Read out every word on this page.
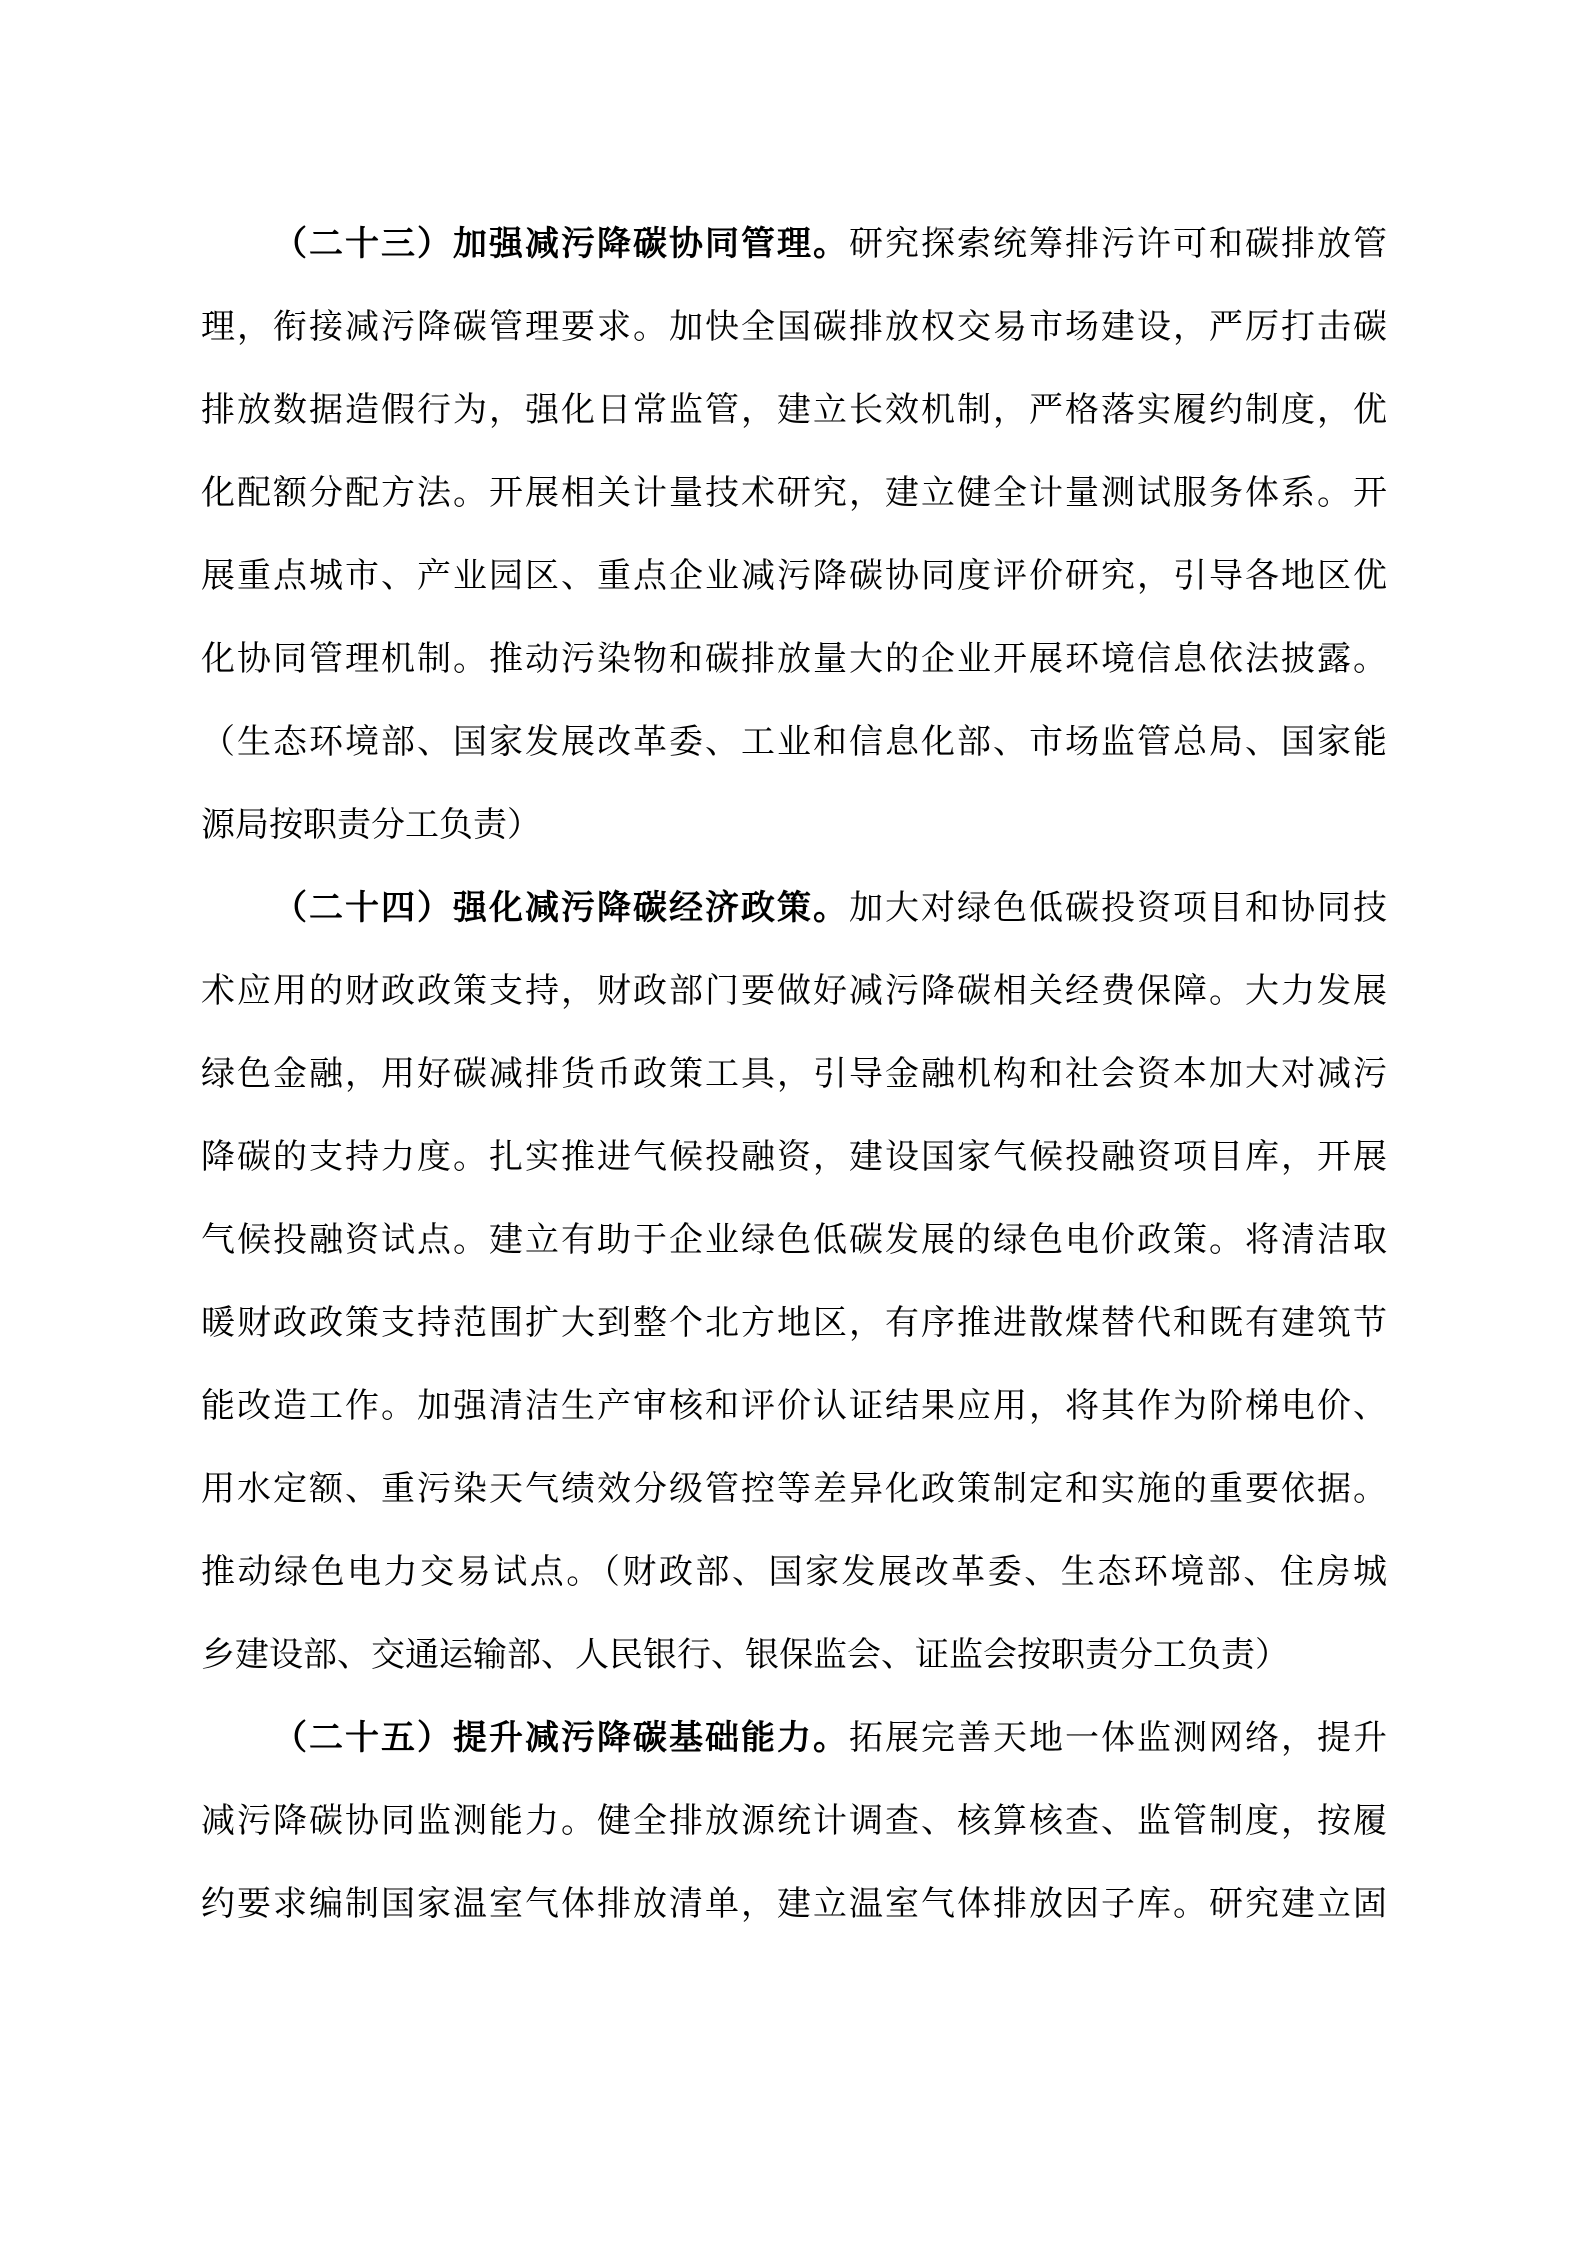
（二十三）加强减污降碳协同管理。研究探索统筹排污许可和碳排放管
理，衔接减污降碳管理要求。加快全国碳排放权交易市场建设，严厉打击碳
排放数据造假行为，强化日常监管，建立长效机制，严格落实履约制度，优
化配额分配方法。开展相关计量技术研究，建立健全计量测试服务体系。开
展重点城市、产业园区、重点企业减污降碳协同度评价研究，引导各地区优
化协同管理机制。推动污染物和碳排放量大的企业开展环境信息依法披露。
（生态环境部、国家发展改革委、工业和信息化部、市场监管总局、国家能
源局按职责分工负责）
（二十四）强化减污降碳经济政策。加大对绿色低碳投资项目和协同技
术应用的财政政策支持，财政部门要做好减污降碳相关经费保障。大力发展
绿色金融，用好碳减排货币政策工具，引导金融机构和社会资本加大对减污
降碳的支持力度。扎实推进气候投融资，建设国家气候投融资项目库，开展
气候投融资试点。建立有助于企业绿色低碳发展的绿色电价政策。将清洁取
暖财政政策支持范围扩大到整个北方地区，有序推进散煤替代和既有建筑节
能改造工作。加强清洁生产审核和评价认证结果应用，将其作为阶梯电价、
用水定额、重污染天气绩效分级管控等差异化政策制定和实施的重要依据。
推动绿色电力交易试点。（财政部、国家发展改革委、生态环境部、住房城
乡建设部、交通运输部、人民银行、银保监会、证监会按职责分工负责）
（二十五）提升减污降碳基础能力。拓展完善天地一体监测网络，提升
减污降碳协同监测能力。健全排放源统计调查、核算核查、监管制度，按履
约要求编制国家温室气体排放清单，建立温室气体排放因子库。研究建立固
